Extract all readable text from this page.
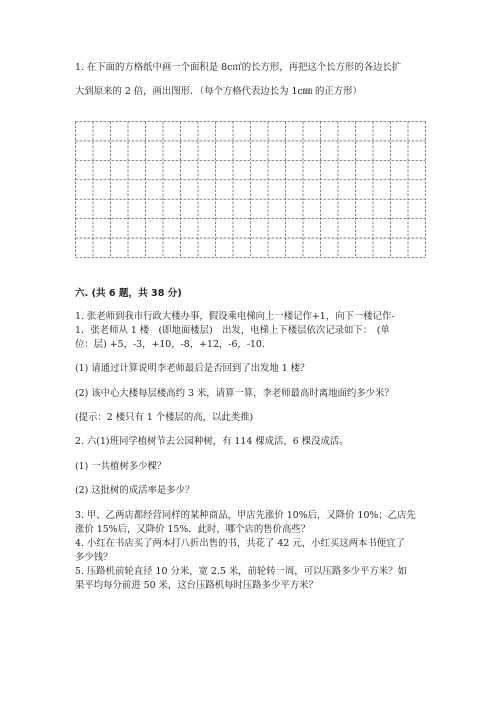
1. 在下面的方格纸中画一个面积是 8c㎡的长方形，再把这个长方形的各边长扩
大到原来的 2 倍，画出图形．（每个方格代表边长为 1c㎜ 的正方形）
六. (共 6 题，共 38 分)
1. 张老师到我市行政大楼办事，假设乘电梯向上一楼记作+1，向下一楼记作-
1．张老师从 1 楼　(即地面楼层)　出发，电梯上下楼层依次记录如下：　(单
位：层) +5，-3，+10，-8，+12，-6，-10.
(1) 请通过计算说明李老师最后是否回到了出发地 1 楼？
(2) 该中心大楼每层楼高约 3 米，请算一算，李老师最高时离地面约多少米？
(提示：2 楼只有 1 个楼层的高，以此类推)
2. 六(1)班同学植树节去公园种树，有 114 棵成活，6 棵没成活。
(1) 一共植树多少棵？
(2) 这批树的成活率是多少？
3. 甲、乙两店都经营同样的某种商品，甲店先涨价 10%后，又降价 10%；乙店先
涨价 15%后，又降价 15%．此时，哪个店的售价高些？
4. 小红在书店买了两本打八折出售的书，共花了 42 元，小红买这两本书便宜了
多少钱？
5. 压路机前轮直径 10 分米，宽 2.5 米，前轮转一周，可以压路多少平方米？如
果平均每分前进 50 米，这台压路机每时压路多少平方米？
